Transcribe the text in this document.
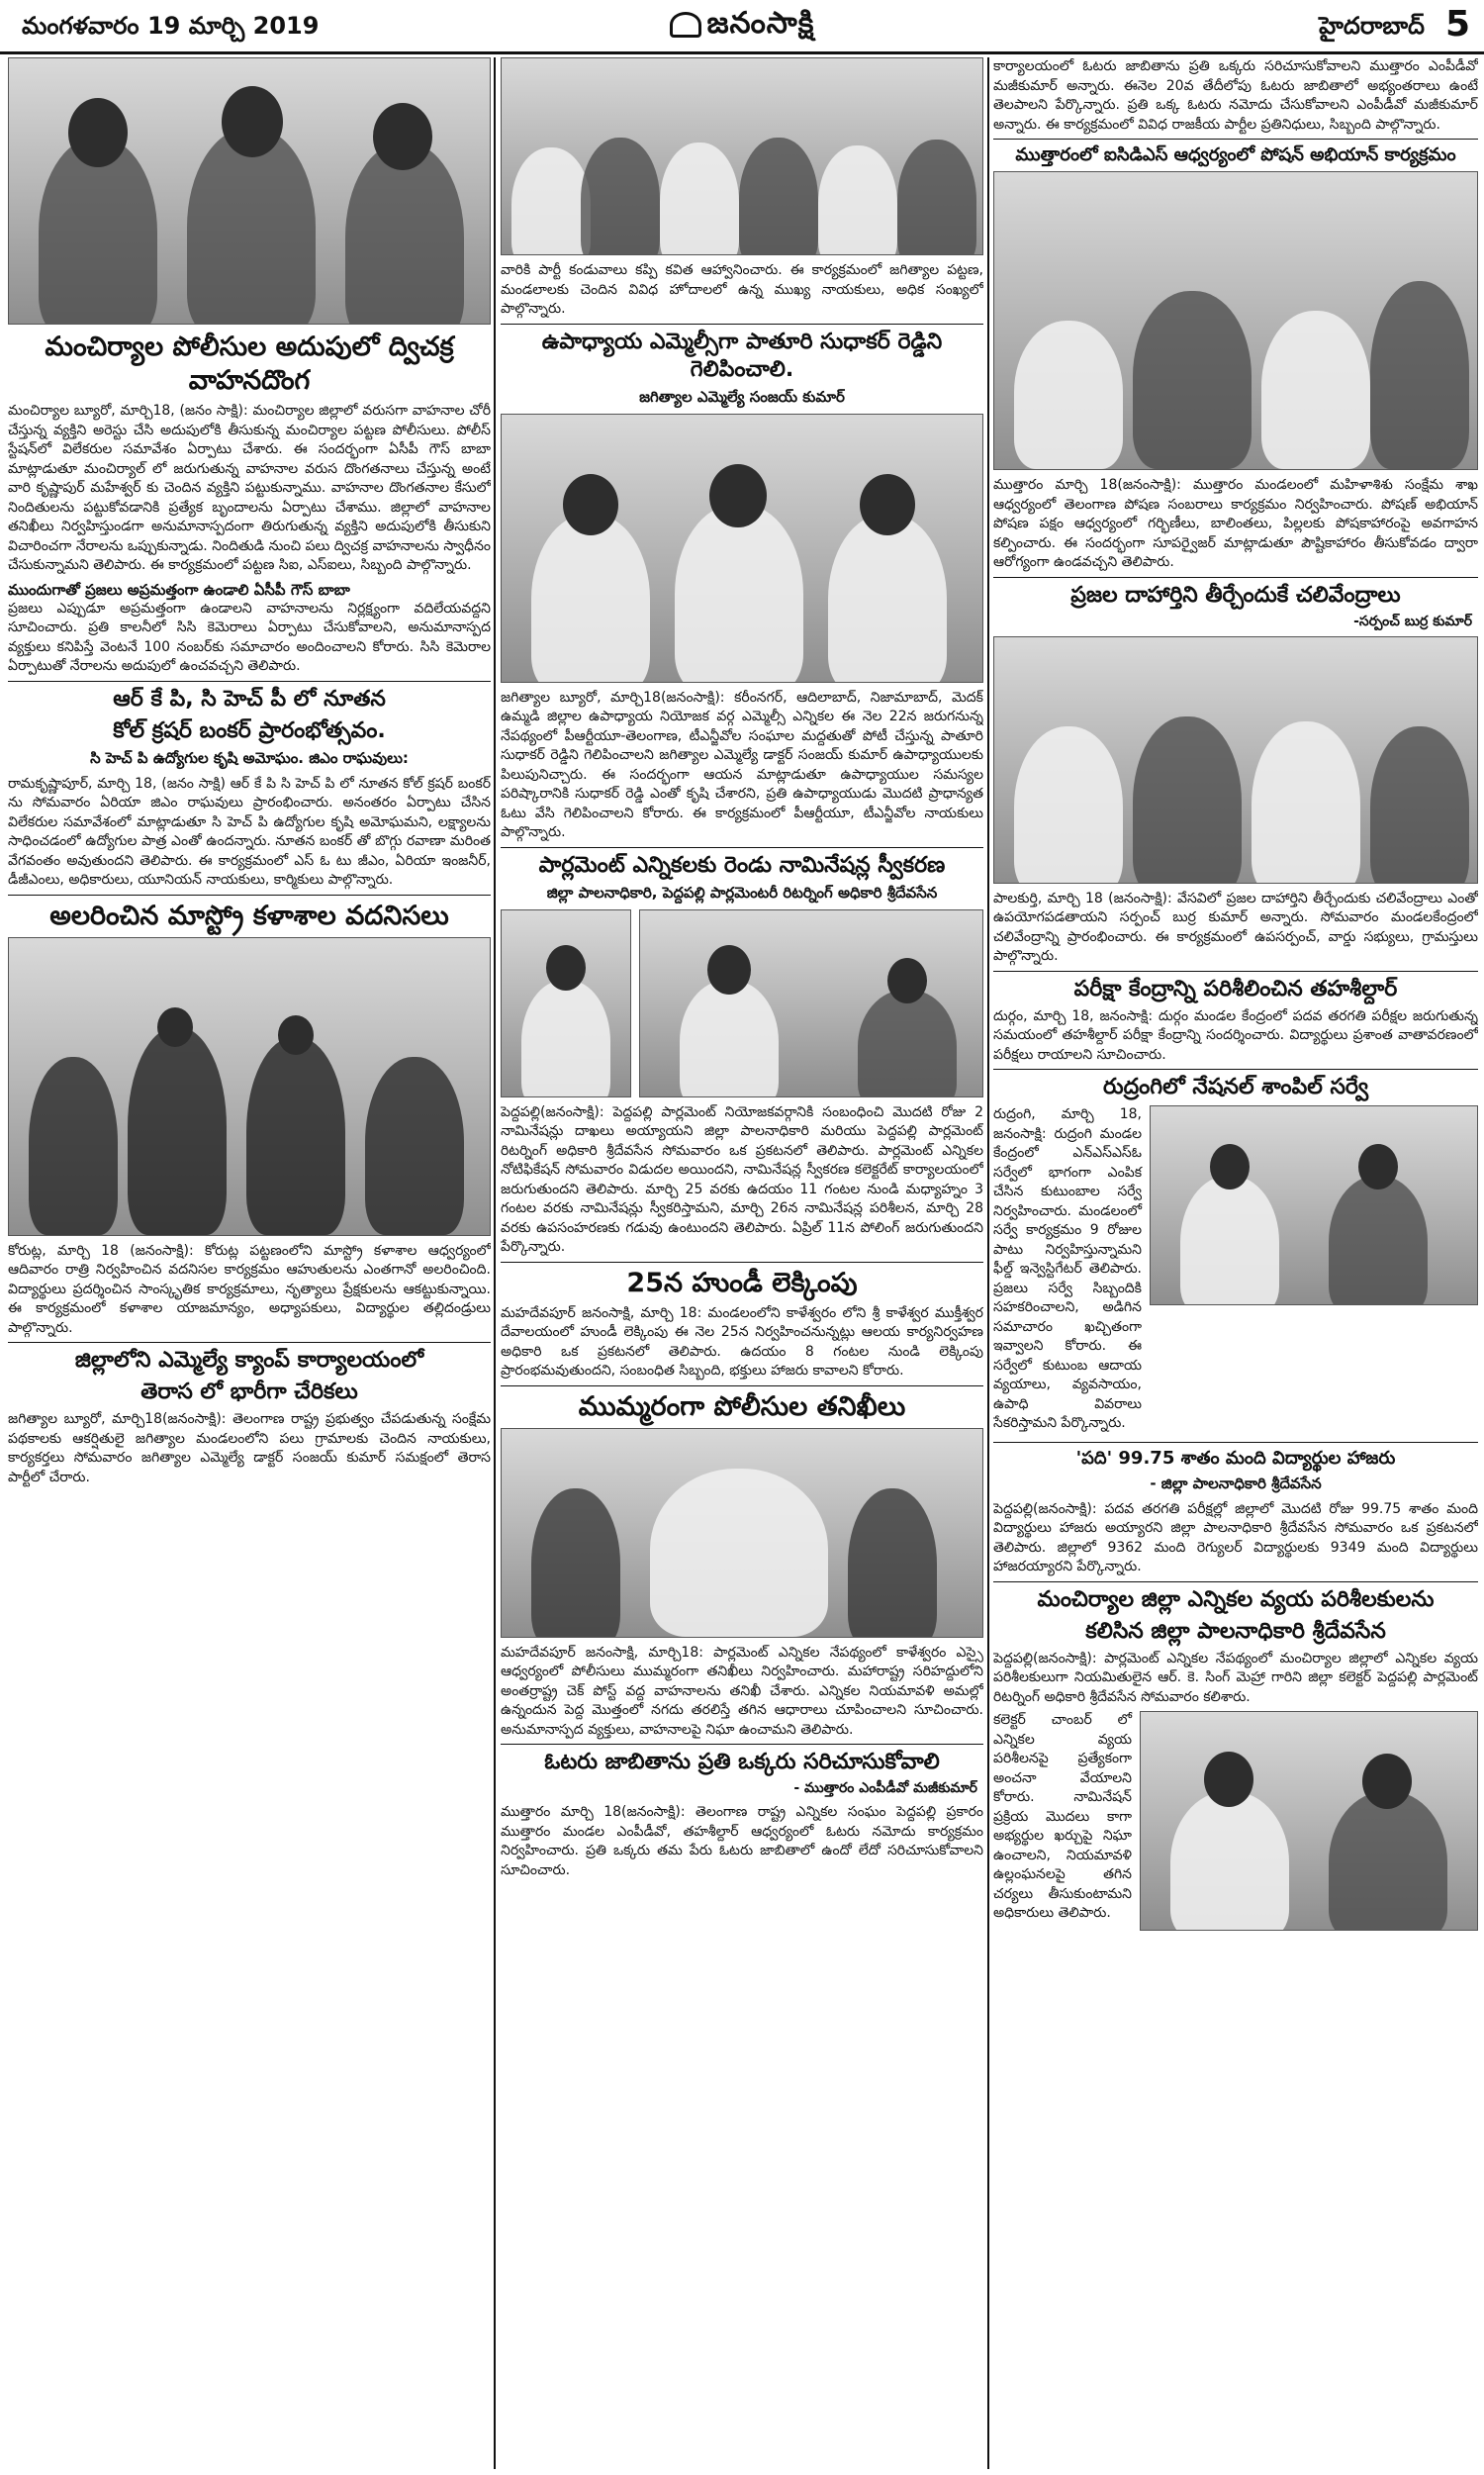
మంగళవారం 19 మార్చి 2019	జనంసాక్షి	హైదరాబాద్ 5
మంచిర్యాల పోలీసుల అదుపులో ద్విచక్ర వాహనదొంగ
మంచిర్యాల బ్యూరో, మార్చి18, (జనం సాక్షి): మంచిర్యాల జిల్లాలో వరుసగా వాహనాల చోరీ చేస్తున్న వ్యక్తిని అరెస్టు చేసి అదుపులోకి తీసుకున్న మంచిర్యాల పట్టణ పోలీసులు. పోలీస్ స్టేషన్‌లో విలేకరుల సమావేశం ఏర్పాటు చేశారు. ఈ సందర్భంగా ఏసీపీ గౌస్ బాబా మాట్లాడుతూ మంచిర్యాల్ లో జరుగుతున్న వాహనాల వరుస దొంగతనాలు చేస్తున్న అంటే వారి కృష్ణాపుర్ మహేశ్వర్ కు చెందిన వ్యక్తిని పట్టుకున్నాము. వాహనాల దొంగతనాల కేసులో నిందితులను పట్టుకోవడానికి ప్రత్యేక బృందాలను ఏర్పాటు చేశాము. జిల్లాలో వాహనాల తనిఖీలు నిర్వహిస్తుండగా అనుమానాస్పదంగా తిరుగుతున్న వ్యక్తిని అదుపులోకి తీసుకుని విచారించగా నేరాలను ఒప్పుకున్నాడు. నిందితుడి నుంచి పలు ద్విచక్ర వాహనాలను స్వాధీనం చేసుకున్నామని తెలిపారు. ఈ కార్యక్రమంలో పట్టణ సిఐ, ఎస్ఐలు, సిబ్బంది పాల్గొన్నారు.
ముందుగాతో ప్రజలు అప్రమత్తంగా ఉండాలి ఏసీపీ గౌస్ బాబా
ప్రజలు ఎప్పుడూ అప్రమత్తంగా ఉండాలని వాహనాలను నిర్లక్ష్యంగా వదిలేయవద్దని సూచించారు. ప్రతి కాలనీలో సిసి కెమెరాలు ఏర్పాటు చేసుకోవాలని, అనుమానాస్పద వ్యక్తులు కనిపిస్తే వెంటనే 100 నంబర్‌కు సమాచారం అందించాలని కోరారు. సిసి కెమెరాల ఏర్పాటుతో నేరాలను అదుపులో ఉంచవచ్చని తెలిపారు.
ఆర్ కే పి, సి హెచ్ పీ లో నూతన
కోల్ క్రషర్ బంకర్ ప్రారంభోత్సవం.
సి హెచ్ పి ఉద్యోగుల కృషి అమోఘం. జిఎం రాఘవులు:
రామకృష్ణాపూర్, మార్చి 18, (జనం సాక్షి) ఆర్ కే పి సి హెచ్ పి లో నూతన కోల్ క్రషర్ బంకర్ ను సోమవారం ఏరియా జిఎం రాఘవులు ప్రారంభించారు. అనంతరం ఏర్పాటు చేసిన విలేకరుల సమావేశంలో మాట్లాడుతూ సి హెచ్ పి ఉద్యోగుల కృషి అమోఘమని, లక్ష్యాలను సాధించడంలో ఉద్యోగుల పాత్ర ఎంతో ఉందన్నారు. నూతన బంకర్ తో బొగ్గు రవాణా మరింత వేగవంతం అవుతుందని తెలిపారు. ఈ కార్యక్రమంలో ఎస్ ఓ టు జీఎం, ఏరియా ఇంజనీర్, డీజీఎంలు, అధికారులు, యూనియన్ నాయకులు, కార్మికులు పాల్గొన్నారు.
అలరించిన మాస్ట్రో కళాశాల వదనిసలు
కోరుట్ల, మార్చి 18 (జనంసాక్షి): కోరుట్ల పట్టణంలోని మాస్ట్రో కళాశాల ఆధ్వర్యంలో ఆదివారం రాత్రి నిర్వహించిన వదనిసల కార్యక్రమం ఆహుతులను ఎంతగానో అలరించింది. విద్యార్థులు ప్రదర్శించిన సాంస్కృతిక కార్యక్రమాలు, నృత్యాలు ప్రేక్షకులను ఆకట్టుకున్నాయి. ఈ కార్యక్రమంలో కళాశాల యాజమాన్యం, అధ్యాపకులు, విద్యార్థుల తల్లిదండ్రులు పాల్గొన్నారు.
జిల్లాలోని ఎమ్మెల్యే క్యాంప్ కార్యాలయంలో
తెరాస లో భారీగా చేరికలు
జగిత్యాల బ్యూరో, మార్చి18(జనంసాక్షి): తెలంగాణ రాష్ట్ర ప్రభుత్వం చేపడుతున్న సంక్షేమ పథకాలకు ఆకర్షితులై జగిత్యాల మండలంలోని పలు గ్రామాలకు చెందిన నాయకులు, కార్యకర్తలు సోమవారం జగిత్యాల ఎమ్మెల్యే డాక్టర్ సంజయ్ కుమార్ సమక్షంలో తెరాస పార్టీలో చేరారు.
వారికి పార్టీ కండువాలు కప్పి కవిత ఆహ్వానించారు. ఈ కార్యక్రమంలో జగిత్యాల పట్టణ, మండలాలకు చెందిన వివిధ హోదాలలో ఉన్న ముఖ్య నాయకులు, అధిక సంఖ్యలో పాల్గొన్నారు.
ఉపాధ్యాయ ఎమ్మెల్సీగా పాతూరి సుధాకర్ రెడ్డిని గెలిపించాలి.
జగిత్యాల ఎమ్మెల్యే సంజయ్ కుమార్
జగిత్యాల బ్యూరో, మార్చి18(జనంసాక్షి): కరీంనగర్, ఆదిలాబాద్, నిజామాబాద్, మెదక్ ఉమ్మడి జిల్లాల ఉపాధ్యాయ నియోజక వర్గ ఎమ్మెల్సీ ఎన్నికల ఈ నెల 22న జరుగనున్న నేపథ్యంలో పీఆర్టీయూ-తెలంగాణ, టీఎన్జీవోల సంఘాల మద్దతుతో పోటీ చేస్తున్న పాతూరి సుధాకర్ రెడ్డిని గెలిపించాలని జగిత్యాల ఎమ్మెల్యే డాక్టర్ సంజయ్ కుమార్ ఉపాధ్యాయులకు పిలుపునిచ్చారు. ఈ సందర్భంగా ఆయన మాట్లాడుతూ ఉపాధ్యాయుల సమస్యల పరిష్కారానికి సుధాకర్ రెడ్డి ఎంతో కృషి చేశారని, ప్రతి ఉపాధ్యాయుడు మొదటి ప్రాధాన్యత ఓటు వేసి గెలిపించాలని కోరారు. ఈ కార్యక్రమంలో పీఆర్టీయూ, టీఎన్జీవోల నాయకులు పాల్గొన్నారు.
పార్లమెంట్ ఎన్నికలకు రెండు నామినేషన్ల స్వీకరణ
జిల్లా పాలనాధికారి, పెద్దపల్లి పార్లమెంటరీ రిటర్నింగ్ అధికారి శ్రీదేవసేన
పెద్దపల్లి(జనంసాక్షి): పెద్దపల్లి పార్లమెంట్ నియోజకవర్గానికి సంబంధించి మొదటి రోజు 2 నామినేషన్లు దాఖలు అయ్యాయని జిల్లా పాలనాధికారి మరియు పెద్దపల్లి పార్లమెంట్ రిటర్నింగ్ అధికారి శ్రీదేవసేన సోమవారం ఒక ప్రకటనలో తెలిపారు. పార్లమెంట్ ఎన్నికల నోటిఫికేషన్ సోమవారం విడుదల అయిందని, నామినేషన్ల స్వీకరణ కలెక్టరేట్ కార్యాలయంలో జరుగుతుందని తెలిపారు. మార్చి 25 వరకు ఉదయం 11 గంటల నుండి మధ్యాహ్నం 3 గంటల వరకు నామినేషన్లు స్వీకరిస్తామని, మార్చి 26న నామినేషన్ల పరిశీలన, మార్చి 28 వరకు ఉపసంహరణకు గడువు ఉంటుందని తెలిపారు. ఏప్రిల్ 11న పోలింగ్ జరుగుతుందని పేర్కొన్నారు.
25న హుండీ లెక్కింపు
మహదేవపూర్ జనంసాక్షి, మార్చి 18: మండలంలోని కాళేశ్వరం లోని శ్రీ కాళేశ్వర ముక్తీశ్వర దేవాలయంలో హుండీ లెక్కింపు ఈ నెల 25న నిర్వహించనున్నట్లు ఆలయ కార్యనిర్వహణ అధికారి ఒక ప్రకటనలో తెలిపారు. ఉదయం 8 గంటల నుండి లెక్కింపు ప్రారంభమవుతుందని, సంబంధిత సిబ్బంది, భక్తులు హాజరు కావాలని కోరారు.
ముమ్మరంగా పోలీసుల తనిఖీలు
మహదేవపూర్ జనంసాక్షి, మార్చి18: పార్లమెంట్ ఎన్నికల నేపథ్యంలో కాళేశ్వరం ఎస్సై ఆధ్వర్యంలో పోలీసులు ముమ్మరంగా తనిఖీలు నిర్వహించారు. మహారాష్ట్ర సరిహద్దులోని అంతర్రాష్ట్ర చెక్ పోస్ట్ వద్ద వాహనాలను తనిఖీ చేశారు. ఎన్నికల నియమావళి అమల్లో ఉన్నందున పెద్ద మొత్తంలో నగదు తరలిస్తే తగిన ఆధారాలు చూపించాలని సూచించారు. అనుమానాస్పద వ్యక్తులు, వాహనాలపై నిఘా ఉంచామని తెలిపారు.
ఓటరు జాబితాను ప్రతి ఒక్కరు సరిచూసుకోవాలి
- ముత్తారం ఎంపీడీవో మజీకుమార్
ముత్తారం మార్చి 18(జనంసాక్షి): తెలంగాణ రాష్ట్ర ఎన్నికల సంఘం పెద్దపల్లి ప్రకారం ముత్తారం మండల ఎంపీడీవో, తహశీల్దార్ ఆధ్వర్యంలో ఓటరు నమోదు కార్యక్రమం నిర్వహించారు. ప్రతి ఒక్కరు తమ పేరు ఓటరు జాబితాలో ఉందో లేదో సరిచూసుకోవాలని సూచించారు.
కార్యాలయంలో ఓటరు జాబితాను ప్రతి ఒక్కరు సరిచూసుకోవాలని ముత్తారం ఎంపీడీవో మజీకుమార్ అన్నారు. ఈనెల 20వ తేదీలోపు ఓటరు జాబితాలో అభ్యంతరాలు ఉంటే తెలపాలని పేర్కొన్నారు. ప్రతి ఒక్క ఓటరు నమోదు చేసుకోవాలని ఎంపీడీవో మజీకుమార్ అన్నారు. ఈ కార్యక్రమంలో వివిధ రాజకీయ పార్టీల ప్రతినిధులు, సిబ్బంది పాల్గొన్నారు.
ముత్తారంలో ఐసిడిఎస్ ఆధ్వర్యంలో పోషన్ అభియాన్ కార్యక్రమం
ముత్తారం మార్చి 18(జనంసాక్షి): ముత్తారం మండలంలో మహిళాశిశు సంక్షేమ శాఖ ఆధ్వర్యంలో తెలంగాణ పోషణ సంబరాలు కార్యక్రమం నిర్వహించారు. పోషణ్ అభియాన్ పోషణ పక్షం ఆధ్వర్యంలో గర్భిణీలు, బాలింతలు, పిల్లలకు పోషకాహారంపై అవగాహన కల్పించారు. ఈ సందర్భంగా సూపర్వైజర్ మాట్లాడుతూ పౌష్టికాహారం తీసుకోవడం ద్వారా ఆరోగ్యంగా ఉండవచ్చని తెలిపారు.
ప్రజల దాహార్తిని తీర్చేందుకే చలివేంద్రాలు
-సర్పంచ్ బుర్ర కుమార్
పాలకుర్తి, మార్చి 18 (జనంసాక్షి): వేసవిలో ప్రజల దాహార్తిని తీర్చేందుకు చలివేంద్రాలు ఎంతో ఉపయోగపడతాయని సర్పంచ్ బుర్ర కుమార్ అన్నారు. సోమవారం మండలకేంద్రంలో చలివేంద్రాన్ని ప్రారంభించారు. ఈ కార్యక్రమంలో ఉపసర్పంచ్, వార్డు సభ్యులు, గ్రామస్తులు పాల్గొన్నారు.
పరీక్షా కేంద్రాన్ని పరిశీలించిన తహశీల్దార్
దుర్గం, మార్చి 18, జనంసాక్షి: దుర్గం మండల కేంద్రంలో పదవ తరగతి పరీక్షల జరుగుతున్న సమయంలో తహశీల్దార్ పరీక్షా కేంద్రాన్ని సందర్శించారు. విద్యార్థులు ప్రశాంత వాతావరణంలో పరీక్షలు రాయాలని సూచించారు.
రుద్రంగిలో నేషనల్ శాంపిల్ సర్వే
రుద్రంగి, మార్చి 18, జనంసాక్షి: రుద్రంగి మండల కేంద్రంలో ఎన్ఎస్ఎస్ఓ సర్వేలో భాగంగా ఎంపిక చేసిన కుటుంబాల సర్వే నిర్వహించారు. మండలంలో సర్వే కార్యక్రమం 9 రోజుల పాటు నిర్వహిస్తున్నామని ఫీల్డ్ ఇన్వెస్టిగేటర్ తెలిపారు. ప్రజలు సర్వే సిబ్బందికి సహకరించాలని, అడిగిన సమాచారం ఖచ్చితంగా ఇవ్వాలని కోరారు. ఈ సర్వేలో కుటుంబ ఆదాయ వ్యయాలు, వ్యవసాయం, ఉపాధి వివరాలు సేకరిస్తామని పేర్కొన్నారు.
'పది' 99.75 శాతం మంది విద్యార్థుల హాజరు
- జిల్లా పాలనాధికారి శ్రీదేవసేన
పెద్దపల్లి(జనంసాక్షి): పదవ తరగతి పరీక్షల్లో జిల్లాలో మొదటి రోజు 99.75 శాతం మంది విద్యార్థులు హాజరు అయ్యారని జిల్లా పాలనాధికారి శ్రీదేవసేన సోమవారం ఒక ప్రకటనలో తెలిపారు. జిల్లాలో 9362 మంది రెగ్యులర్ విద్యార్థులకు 9349 మంది విద్యార్థులు హాజరయ్యారని పేర్కొన్నారు.
మంచిర్యాల జిల్లా ఎన్నికల వ్యయ పరిశీలకులను
కలిసిన జిల్లా పాలనాధికారి శ్రీదేవసేన
పెద్దపల్లి(జనంసాక్షి): పార్లమెంట్ ఎన్నికల నేపథ్యంలో మంచిర్యాల జిల్లాలో ఎన్నికల వ్యయ పరిశీలకులుగా నియమితులైన ఆర్. కె. సింగ్ మెహ్రా గారిని జిల్లా కలెక్టర్ పెద్దపల్లి పార్లమెంట్ రిటర్నింగ్ అధికారి శ్రీదేవసేన సోమవారం కలిశారు.
కలెక్టర్ చాంబర్ లో ఎన్నికల వ్యయ పరిశీలనపై ప్రత్యేకంగా అంచనా వేయాలని కోరారు. నామినేషన్ ప్రక్రియ మొదలు కాగా అభ్యర్థుల ఖర్చుపై నిఘా ఉంచాలని, నియమావళి ఉల్లంఘనలపై తగిన చర్యలు తీసుకుంటామని అధికారులు తెలిపారు.
